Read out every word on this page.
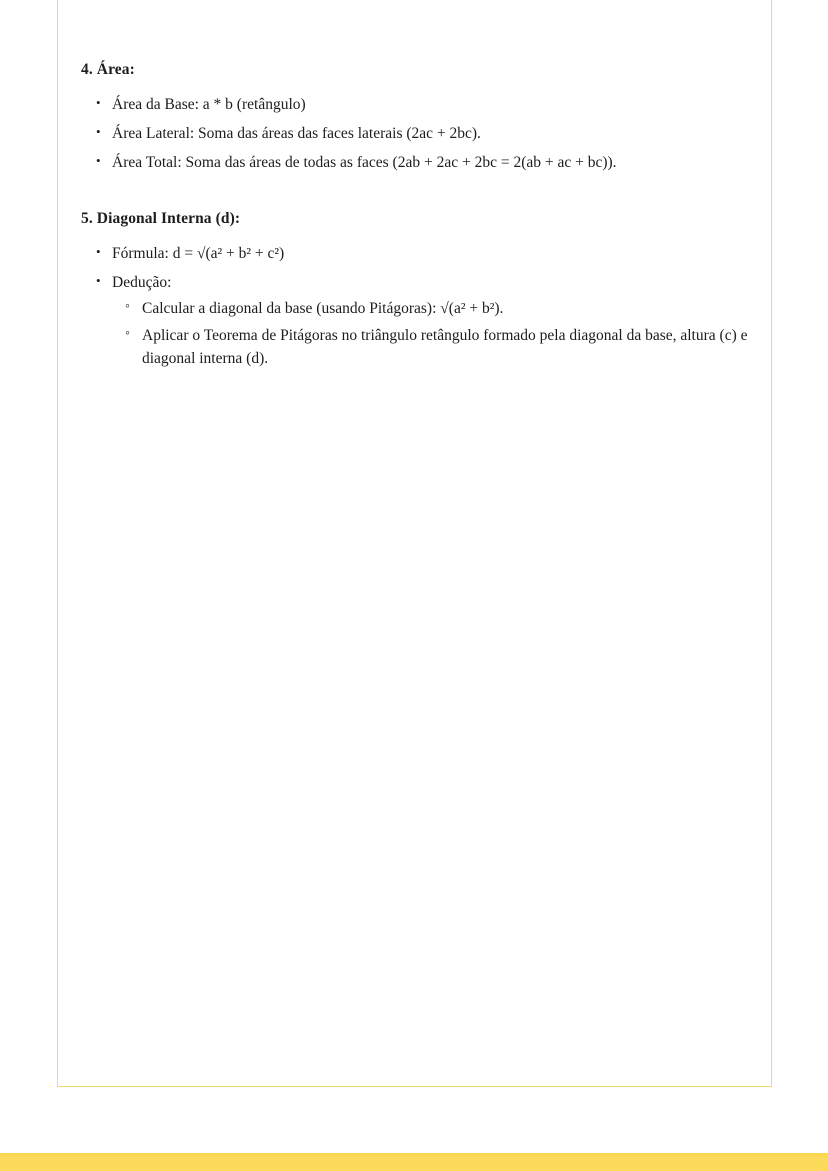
4. Área:
• Área da Base: a * b (retângulo)
• Área Lateral: Soma das áreas das faces laterais (2ac + 2bc).
• Área Total: Soma das áreas de todas as faces (2ab + 2ac + 2bc = 2(ab + ac + bc)).
5. Diagonal Interna (d):
• Fórmula: d = √(a² + b² + c²)
• Dedução:
◦ Calcular a diagonal da base (usando Pitágoras): √(a² + b²).
◦ Aplicar o Teorema de Pitágoras no triângulo retângulo formado pela diagonal da base, altura (c) e diagonal interna (d).
